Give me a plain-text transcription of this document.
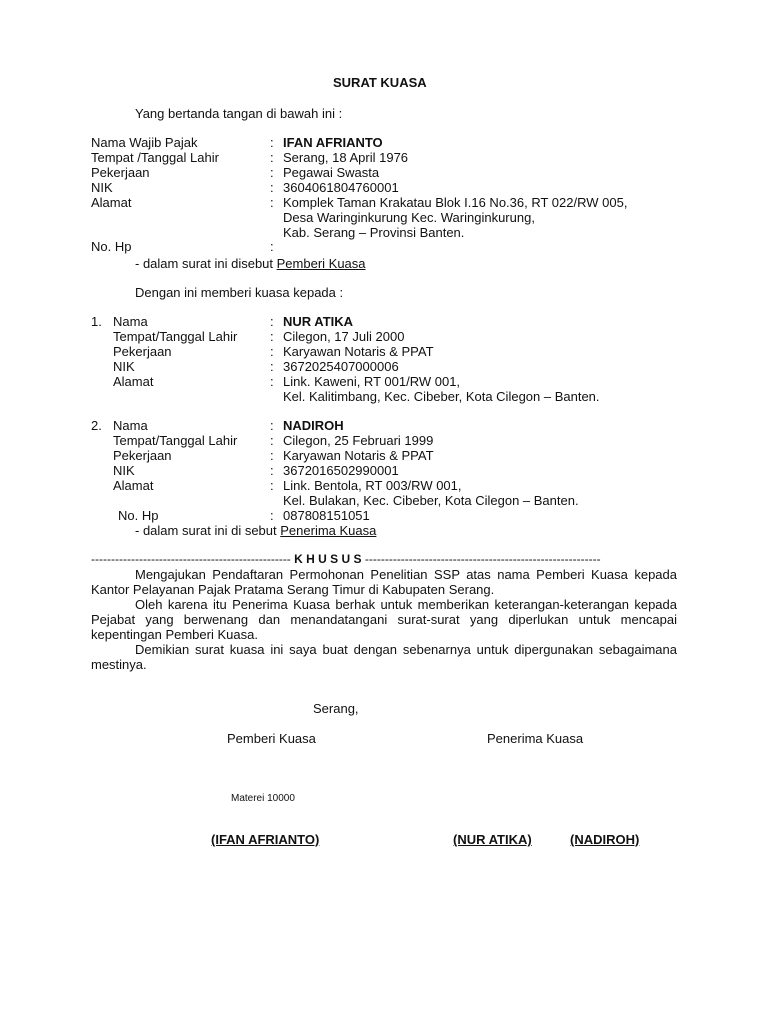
SURAT KUASA
Yang bertanda tangan di bawah ini :
Nama Wajib Pajak	: IFAN AFRIANTO
Tempat /Tanggal Lahir	: Serang, 18 April 1976
Pekerjaan	: Pegawai Swasta
NIK	: 3604061804760001
Alamat	: Komplek Taman Krakatau Blok I.16 No.36, RT 022/RW 005,
Desa Waringinkurung Kec. Waringinkurung,
Kab. Serang – Provinsi Banten.
No. Hp	:
- dalam surat ini disebut Pemberi Kuasa
Dengan ini memberi kuasa kepada :
1. Nama	: NUR ATIKA
Tempat/Tanggal Lahir	: Cilegon, 17 Juli 2000
Pekerjaan	: Karyawan Notaris & PPAT
NIK	: 3672025407000006
Alamat	: Link. Kaweni, RT 001/RW 001,
Kel. Kalitimbang, Kec. Cibeber, Kota Cilegon – Banten.
2. Nama	: NADIROH
Tempat/Tanggal Lahir	: Cilegon, 25 Februari 1999
Pekerjaan	: Karyawan Notaris & PPAT
NIK	: 3672016502990001
Alamat	: Link. Bentola, RT 003/RW 001,
Kel. Bulakan, Kec. Cibeber, Kota Cilegon – Banten.
No. Hp	: 087808151051
- dalam surat ini di sebut Penerima Kuasa
-------------------------------------------------- K H U S U S -----------------------------------------------------------
Mengajukan Pendaftaran Permohonan Penelitian SSP atas nama Pemberi Kuasa kepada Kantor Pelayanan Pajak Pratama Serang Timur di Kabupaten Serang.
Oleh karena itu Penerima Kuasa berhak untuk memberikan keterangan-keterangan kepada Pejabat yang berwenang dan menandatangani surat-surat yang diperlukan untuk mencapai kepentingan Pemberi Kuasa.
Demikian surat kuasa ini saya buat dengan sebenarnya untuk dipergunakan sebagaimana mestinya.
Serang,
Pemberi Kuasa	Penerima Kuasa
Materei 10000
(IFAN AFRIANTO)	(NUR ATIKA)	(NADIROH)
